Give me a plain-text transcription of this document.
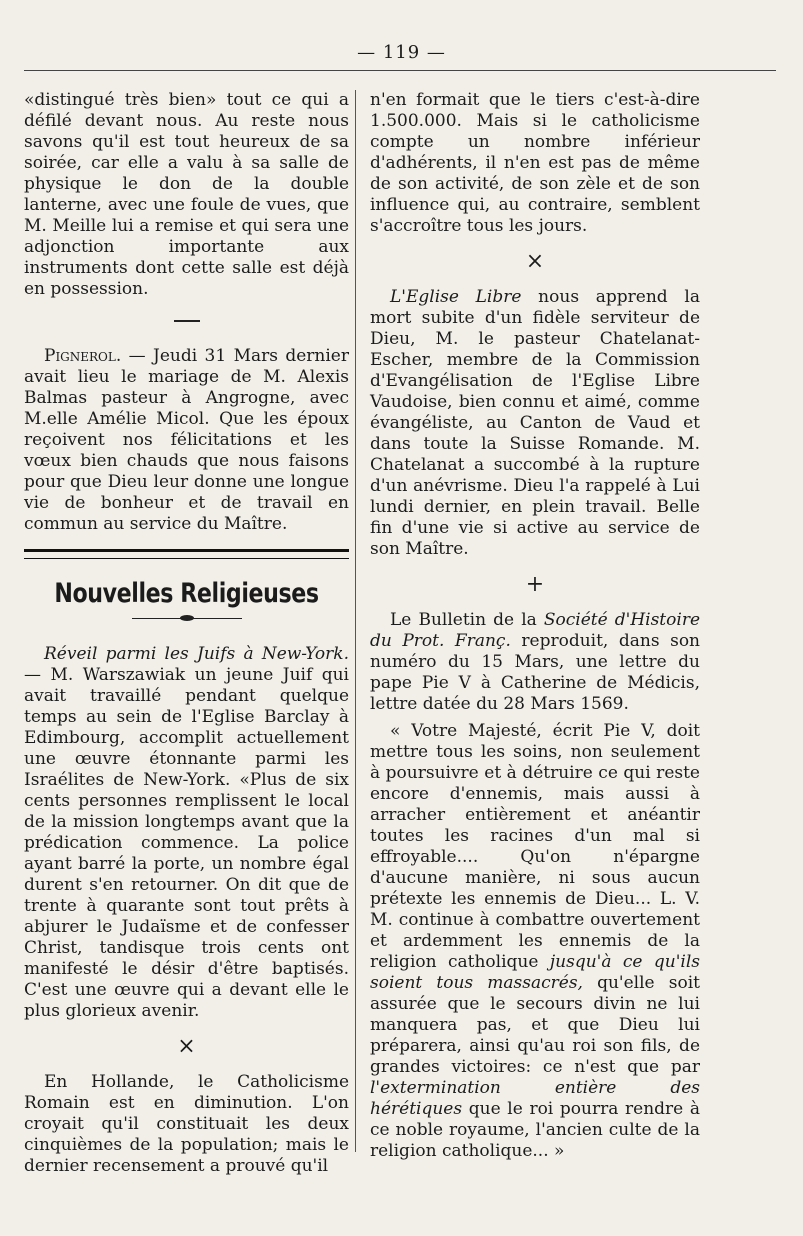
— 119 —

«distingué très bien» tout ce qui a défilé devant nous. Au reste nous savons qu'il est tout heureux de sa soirée, car elle a valu à sa salle de physique le don de la double lanterne, avec une foule de vues, que M. Meille lui a remise et qui sera une adjonction importante aux instruments dont cette salle est déjà en possession.

Pignerol. — Jeudi 31 Mars dernier avait lieu le mariage de M. Alexis Balmas pasteur à Angrogne, avec M.elle Amélie Micol. Que les époux reçoivent nos félicitations et les vœux bien chauds que nous faisons pour que Dieu leur donne une longue vie de bonheur et de travail en commun au service du Maître.

Nouvelles Religieuses

Réveil parmi les Juifs à New-York. — M. Warszawiak un jeune Juif qui avait travaillé pendant quelque temps au sein de l'Eglise Barclay à Edimbourg, accomplit actuellement une œuvre étonnante parmi les Israélites de New-York. «Plus de six cents personnes remplissent le local de la mission longtemps avant que la prédication commence. La police ayant barré la porte, un nombre égal durent s'en retourner. On dit que de trente à quarante sont tout prêts à abjurer le Judaïsme et de confesser Christ, tandisque trois cents ont manifesté le désir d'être baptisés. C'est une œuvre qui a devant elle le plus glorieux avenir.

×

En Hollande, le Catholicisme Romain est en diminution. L'on croyait qu'il constituait les deux cinquièmes de la population; mais le dernier recensement a prouvé qu'il

n'en formait que le tiers c'est-à-dire 1.500.000. Mais si le catholicisme compte un nombre inférieur d'adhérents, il n'en est pas de même de son activité, de son zèle et de son influence qui, au contraire, semblent s'accroître tous les jours.

×

L'Eglise Libre nous apprend la mort subite d'un fidèle serviteur de Dieu, M. le pasteur Chatelanat-Escher, membre de la Commission d'Evangélisation de l'Eglise Libre Vaudoise, bien connu et aimé, comme évangéliste, au Canton de Vaud et dans toute la Suisse Romande. M. Chatelanat a succombé à la rupture d'un anévrisme. Dieu l'a rappelé à Lui lundi dernier, en plein travail. Belle fin d'une vie si active au service de son Maître.

+

Le Bulletin de la Société d'Histoire du Prot. Franç. reproduit, dans son numéro du 15 Mars, une lettre du pape Pie V à Catherine de Médicis, lettre datée du 28 Mars 1569.

« Votre Majesté, écrit Pie V, doit mettre tous les soins, non seulement à poursuivre et à détruire ce qui reste encore d'ennemis, mais aussi à arracher entièrement et anéantir toutes les racines d'un mal si effroyable.... Qu'on n'épargne d'aucune manière, ni sous aucun prétexte les ennemis de Dieu... L. V. M. continue à combattre ouvertement et ardemment les ennemis de la religion catholique jusqu'à ce qu'ils soient tous massacrés, qu'elle soit assurée que le secours divin ne lui manquera pas, et que Dieu lui préparera, ainsi qu'au roi son fils, de grandes victoires: ce n'est que par l'extermination entière des hérétiques que le roi pourra rendre à ce noble royaume, l'ancien culte de la religion catholique... »
